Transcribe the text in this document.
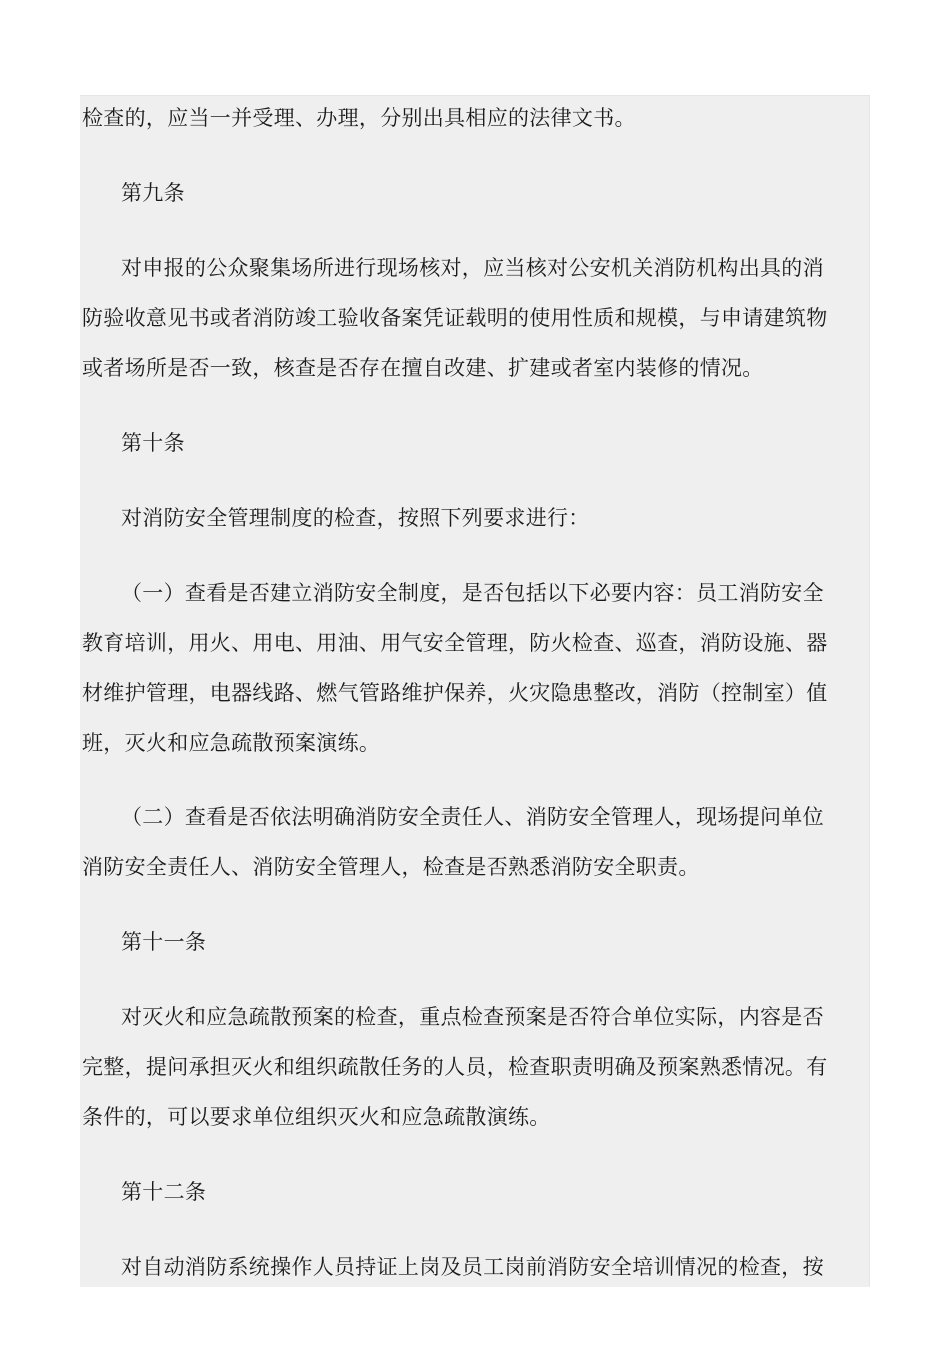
检查的，应当一并受理、办理，分别出具相应的法律文书。
第九条
对申报的公众聚集场所进行现场核对，应当核对公安机关消防机构出具的消
防验收意见书或者消防竣工验收备案凭证载明的使用性质和规模，与申请建筑物
或者场所是否一致，核查是否存在擅自改建、扩建或者室内装修的情况。
第十条
对消防安全管理制度的检查，按照下列要求进行：
（一）查看是否建立消防安全制度，是否包括以下必要内容：员工消防安全
教育培训，用火、用电、用油、用气安全管理，防火检查、巡查，消防设施、器
材维护管理，电器线路、燃气管路维护保养，火灾隐患整改，消防（控制室）值
班，灭火和应急疏散预案演练。
（二）查看是否依法明确消防安全责任人、消防安全管理人，现场提问单位
消防安全责任人、消防安全管理人，检查是否熟悉消防安全职责。
第十一条
对灭火和应急疏散预案的检查，重点检查预案是否符合单位实际，内容是否
完整，提问承担灭火和组织疏散任务的人员，检查职责明确及预案熟悉情况。有
条件的，可以要求单位组织灭火和应急疏散演练。
第十二条
对自动消防系统操作人员持证上岗及员工岗前消防安全培训情况的检查，按
